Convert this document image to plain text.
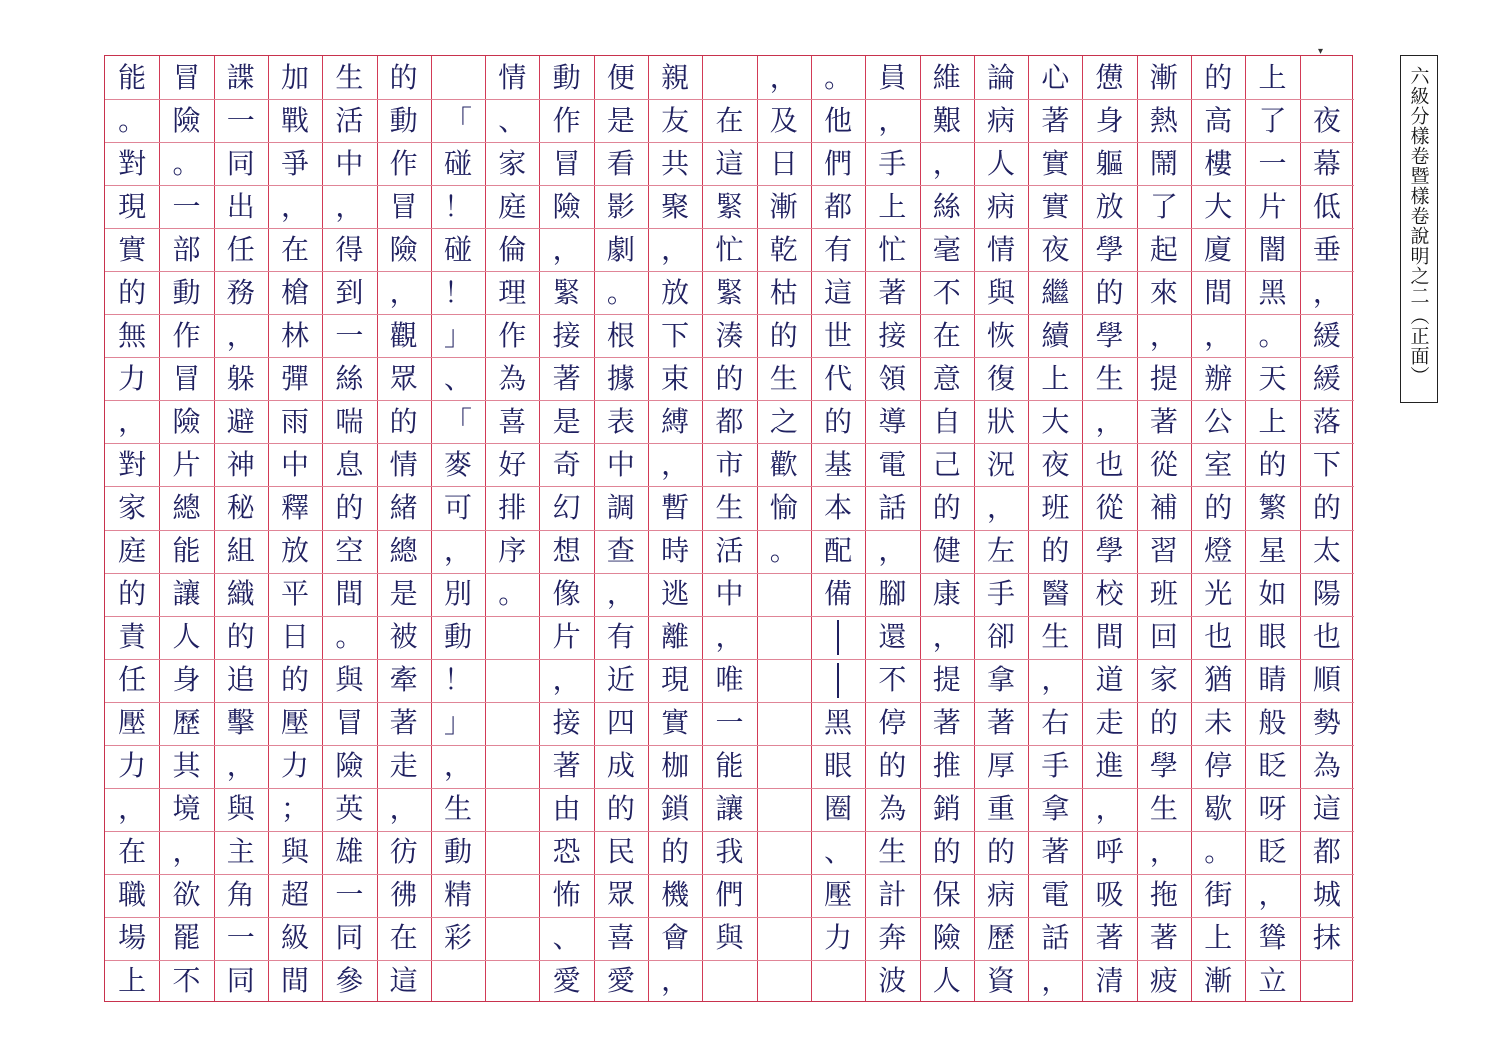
▾

夜
幕
低
垂
，
緩
緩
落
下
的
太
陽
也
順
勢
為
這
都
城
抹
上
了
一
片
闇
黑
。
天
上
的
繁
星
如
眼
睛
般
眨
呀
眨
，
聳
立
的
高
樓
大
廈
間
，
辦
公
室
的
燈
光
也
猶
未
停
歇
。
街
上
漸
漸
熱
鬧
了
起
來
，
提
著
從
補
習
班
回
家
的
學
生
，
拖
著
疲
憊
身
軀
放
學
的
學
生
，
也
從
學
校
間
道
走
進
，
呼
吸
著
清
心
著
實
實
夜
繼
續
上
大
夜
班
的
醫
生
，
右
手
拿
著
電
話
，
論
病
人
病
情
與
恢
復
狀
況
，
左
手
卻
拿
著
厚
重
的
病
歷
資
維
艱
，
絲
毫
不
在
意
自
己
的
健
康
，
提
著
推
銷
的
保
險
人
員
，
手
上
忙
著
接
領
導
電
話
，
腳
還
不
停
的
為
生
計
奔
波
。
他
們
都
有
這
世
代
的
基
本
配
備
黑
眼
圈
、
壓
力
，
及
日
漸
乾
枯
的
生
之
歡
愉
。

在
這
緊
忙
緊
湊
的
都
市
生
活
中
，
唯
一
能
讓
我
們
與
親
友
共
聚
，
放
下
束
縛
，
暫
時
逃
離
現
實
枷
鎖
的
機
會
，
便
是
看
影
劇
。
根
據
表
中
調
查
，
有
近
四
成
的
民
眾
喜
愛
動
作
冒
險
，
緊
接
著
是
奇
幻
想
像
片
，
接
著
由
恐
怖
、
愛
情
、
家
庭
倫
理
作
為
喜
好
排
序
。

「
碰
！
碰
！
」
、
「
麥
可
，
別
動
！
」
，
生
動
精
彩
的
動
作
冒
險
，
觀
眾
的
情
緒
總
是
被
牽
著
走
，
彷
彿
在
這
生
活
中
，
得
到
一
絲
喘
息
的
空
間
。
與
冒
險
英
雄
一
同
參
加
戰
爭
，
在
槍
林
彈
雨
中
釋
放
平
日
的
壓
力
；
與
超
級
間
諜
一
同
出
任
務
，
躲
避
神
秘
組
織
的
追
擊
，
與
主
角
一
同
冒
險
。
一
部
動
作
冒
險
片
總
能
讓
人
身
歷
其
境
，
欲
罷
不
能
。
對
現
實
的
無
力
，
對
家
庭
的
責
任
壓
力
，
在
職
場
上
六級分樣卷暨樣卷說明之二（正面）
